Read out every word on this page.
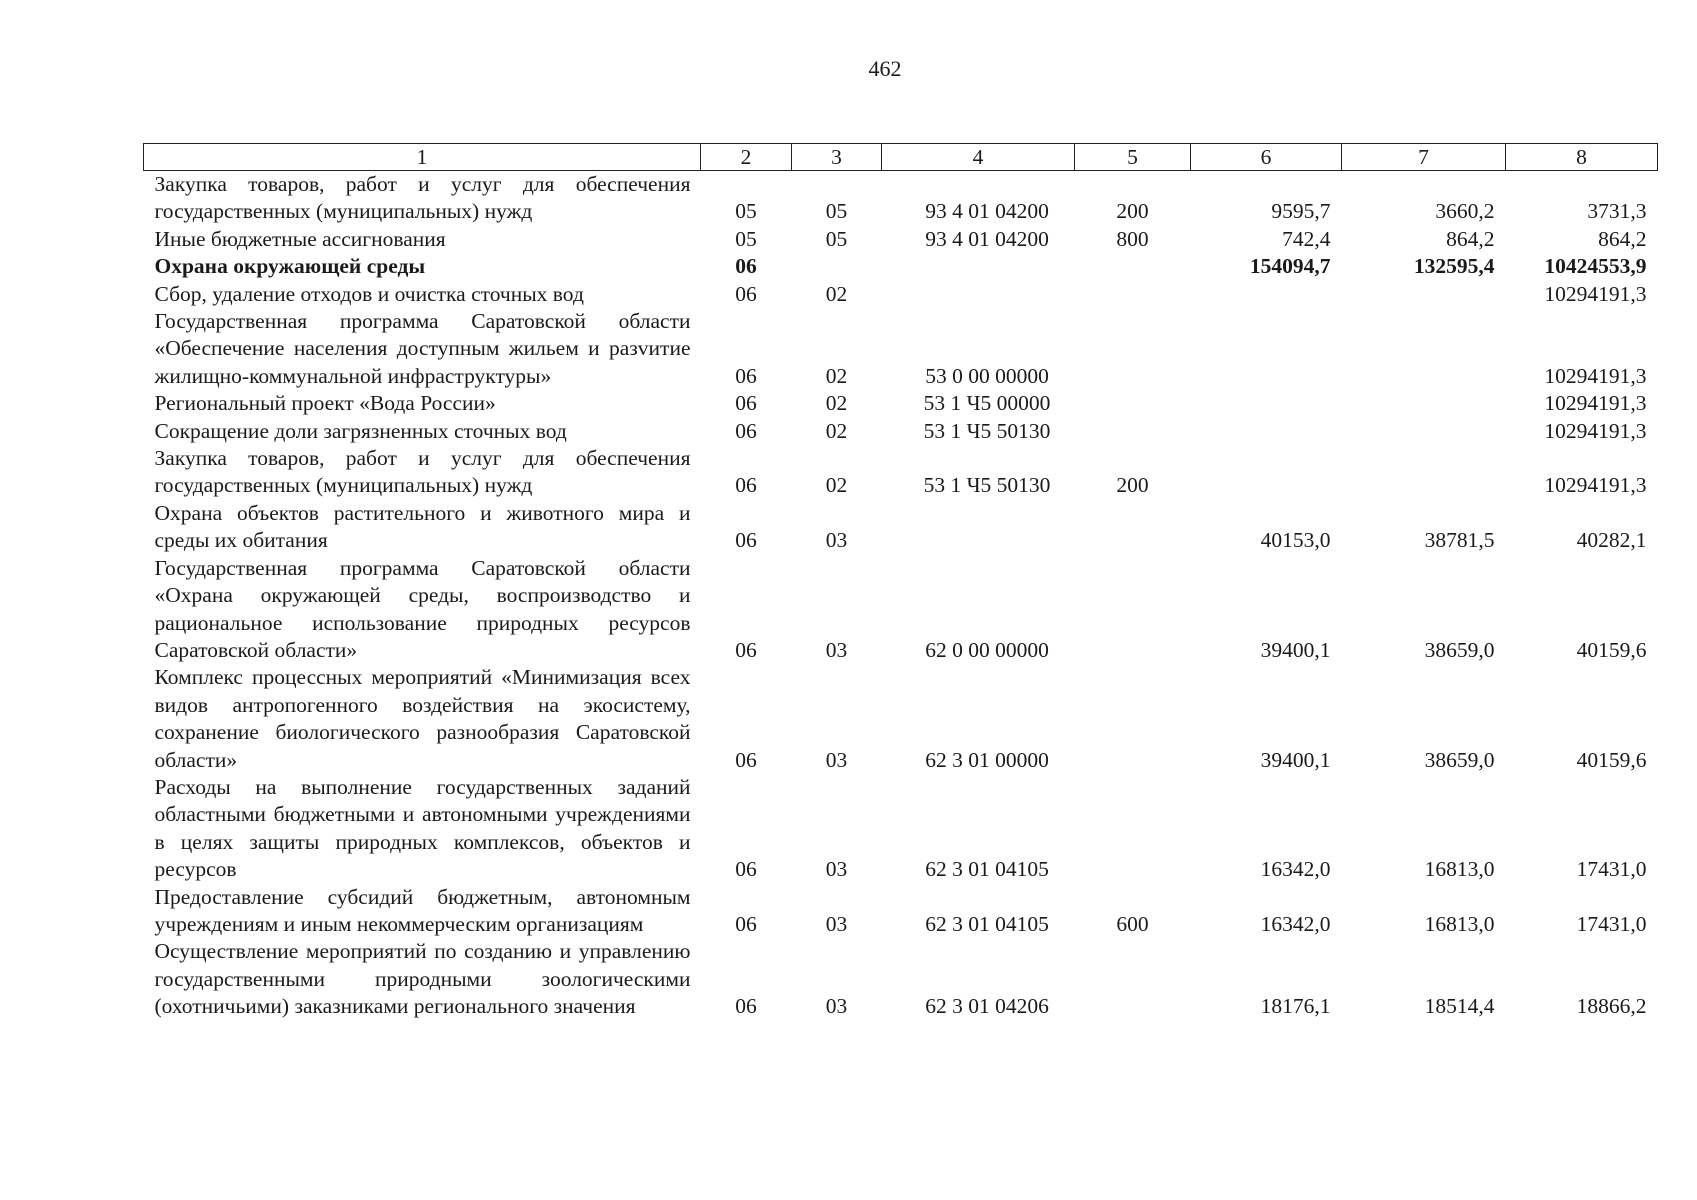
462
1	2	3	4	5	6	7	8
Закупка товаров, работ и услуг для обеспечения государственных (муниципальных) нужд	05	05	93 4 01 04200	200	9595,7	3660,2	3731,3
Иные бюджетные ассигнования	05	05	93 4 01 04200	800	742,4	864,2	864,2
Охрана окружающей среды	06				154094,7	132595,4	10424553,9
Сбор, удаление отходов и очистка сточных вод	06	02					10294191,3
Государственная программа Саратовской области «Обеспечение населения доступным жильем и разvитие жилищно-коммунальной инфраструктуры»	06	02	53 0 00 00000				10294191,3
Региональный проект «Вода России»	06	02	53 1 Ч5 00000				10294191,3
Сокращение доли загрязненных сточных вод	06	02	53 1 Ч5 50130				10294191,3
Закупка товаров, работ и услуг для обеспечения государственных (муниципальных) нужд	06	02	53 1 Ч5 50130	200			10294191,3
Охрана объектов растительного и животного мира и среды их обитания	06	03			40153,0	38781,5	40282,1
Государственная программа Саратовской области «Охрана окружающей среды, воспроизводство и рациональное использование природных ресурсов Саратовской области»	06	03	62 0 00 00000		39400,1	38659,0	40159,6
Комплекс процессных мероприятий «Минимизация всех видов антропогенного воздействия на экосистему, сохранение биологического разнообразия Саратовской области»	06	03	62 3 01 00000		39400,1	38659,0	40159,6
Расходы на выполнение государственных заданий областными бюджетными и автономными учреждениями в целях защиты природных комплексов, объектов и ресурсов	06	03	62 3 01 04105		16342,0	16813,0	17431,0
Предоставление субсидий бюджетным, автономным учреждениям и иным некоммерческим организациям	06	03	62 3 01 04105	600	16342,0	16813,0	17431,0
Осуществление мероприятий по созданию и управлению государственными природными зоологическими (охотничьими) заказниками регионального значения	06	03	62 3 01 04206		18176,1	18514,4	18866,2
